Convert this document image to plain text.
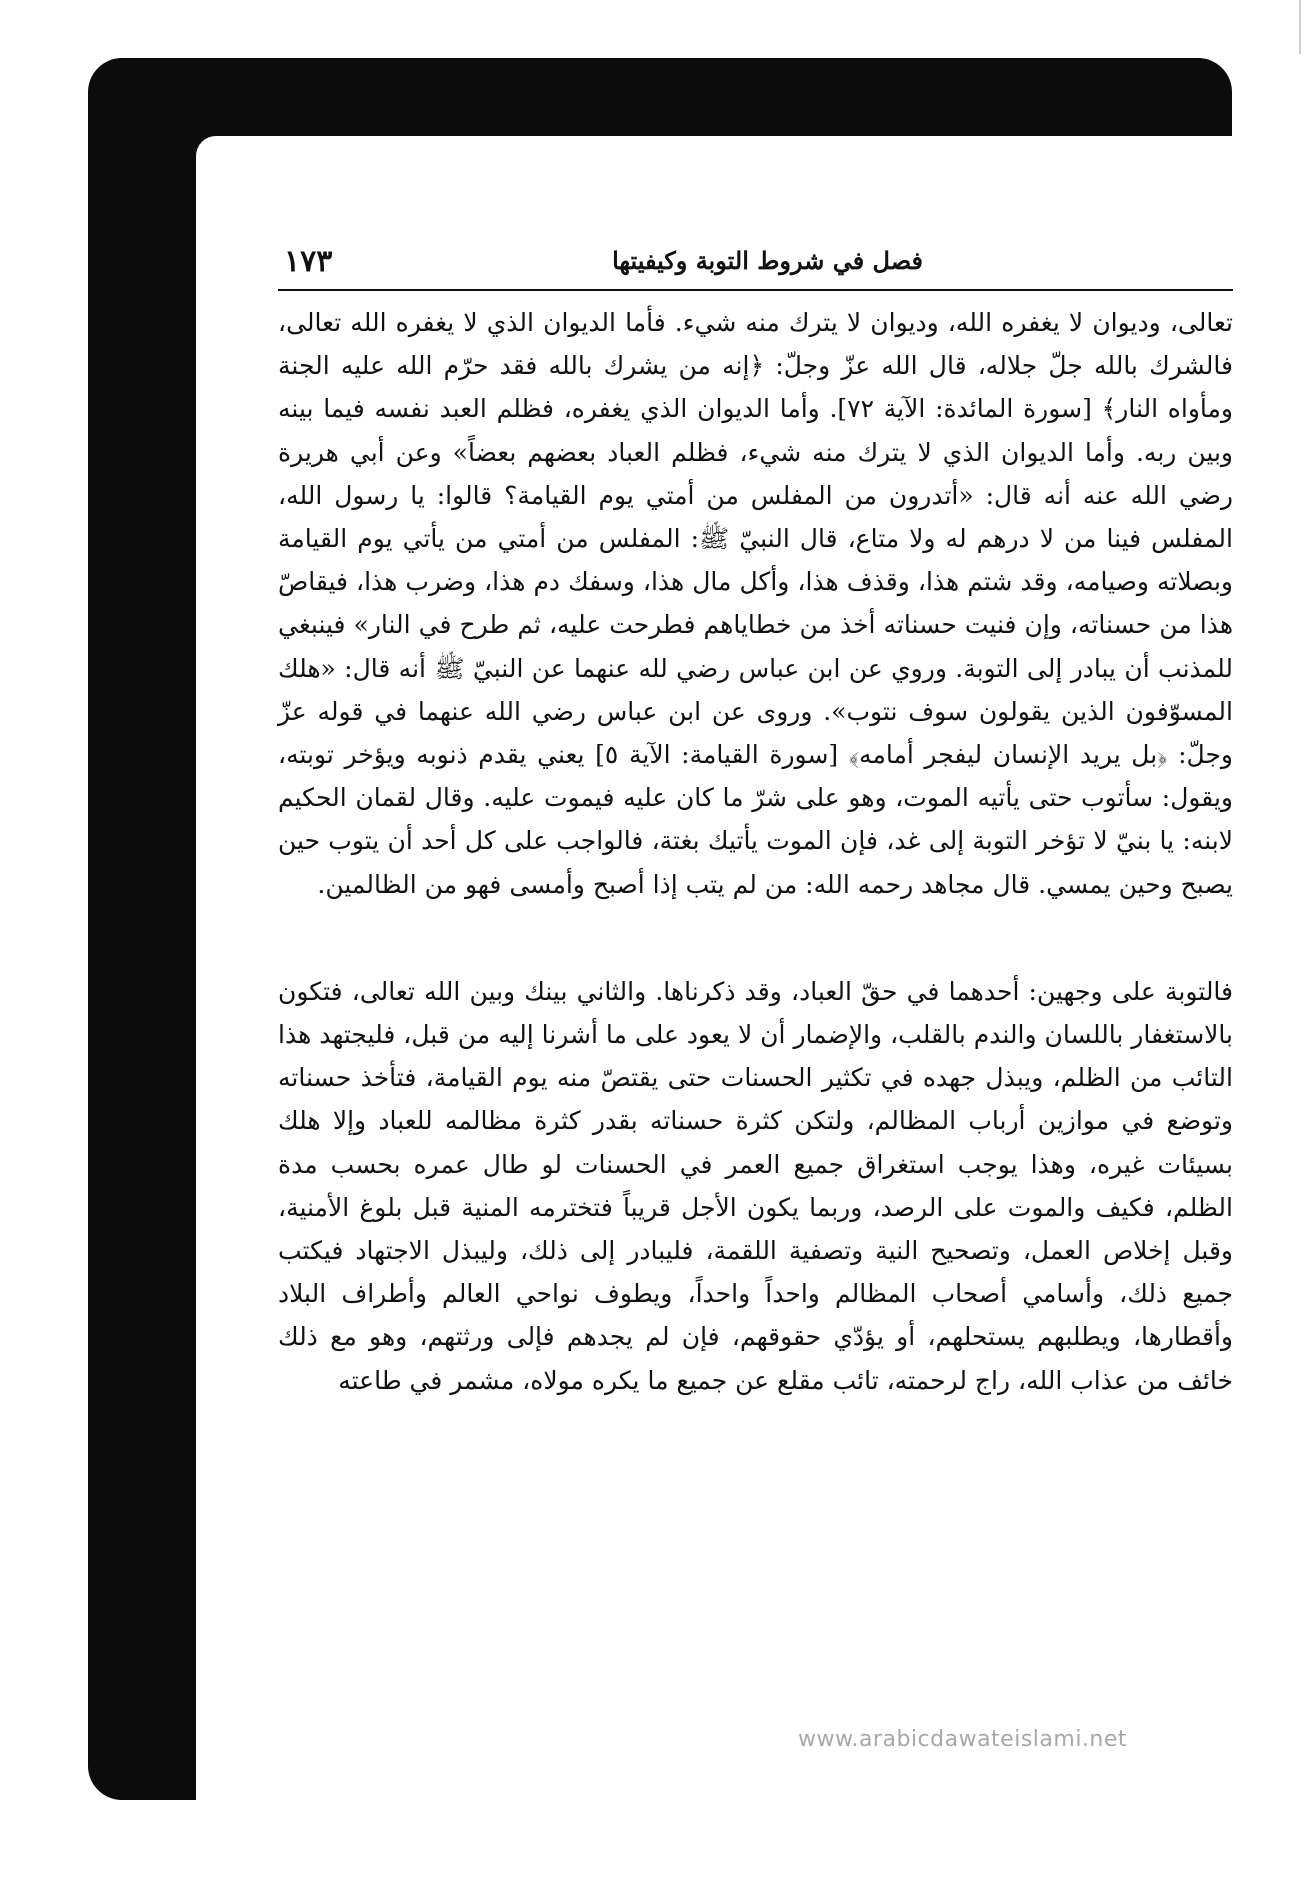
فصل في شروط التوبة وكيفيتها
١٧٣

تعالى، وديوان لا يغفره الله، وديوان لا يترك منه شيء. فأما الديوان الذي لا يغفره الله تعالى، فالشرك بالله جلّ جلاله، قال الله عزّ وجلّ: ﴿إنه من يشرك بالله فقد حرّم الله عليه الجنة ومأواه النار﴾ [سورة المائدة: الآية ٧٢]. وأما الديوان الذي يغفره، فظلم العبد نفسه فيما بينه وبين ربه. وأما الديوان الذي لا يترك منه شيء، فظلم العباد بعضهم بعضاً» وعن أبي هريرة رضي الله عنه أنه قال: «أتدرون من المفلس من أمتي يوم القيامة؟ قالوا: يا رسول الله، المفلس فينا من لا درهم له ولا متاع، قال النبيّ ﷺ: المفلس من أمتي من يأتي يوم القيامة وبصلاته وصيامه، وقد شتم هذا، وقذف هذا، وأكل مال هذا، وسفك دم هذا، وضرب هذا، فيقاصّ هذا من حسناته، وإن فنيت حسناته أخذ من خطاياهم فطرحت عليه، ثم طرح في النار» فينبغي للمذنب أن يبادر إلى التوبة. وروي عن ابن عباس رضي لله عنهما عن النبيّ ﷺ أنه قال: «هلك المسوّفون الذين يقولون سوف نتوب». وروى عن ابن عباس رضي الله عنهما في قوله عزّ وجلّ: ﴿بل يريد الإنسان ليفجر أمامه﴾ [سورة القيامة: الآية ٥] يعني يقدم ذنوبه ويؤخر توبته، ويقول: سأتوب حتى يأتيه الموت، وهو على شرّ ما كان عليه فيموت عليه. وقال لقمان الحكيم لابنه: يا بنيّ لا تؤخر التوبة إلى غد، فإن الموت يأتيك بغتة، فالواجب على كل أحد أن يتوب حين يصبح وحين يمسي. قال مجاهد رحمه الله: من لم يتب إذا أصبح وأمسى فهو من الظالمين.

فالتوبة على وجهين: أحدهما في حقّ العباد، وقد ذكرناها. والثاني بينك وبين الله تعالى، فتكون بالاستغفار باللسان والندم بالقلب، والإضمار أن لا يعود على ما أشرنا إليه من قبل، فليجتهد هذا التائب من الظلم، ويبذل جهده في تكثير الحسنات حتى يقتصّ منه يوم القيامة، فتأخذ حسناته وتوضع في موازين أرباب المظالم، ولتكن كثرة حسناته بقدر كثرة مظالمه للعباد وإلا هلك بسيئات غيره، وهذا يوجب استغراق جميع العمر في الحسنات لو طال عمره بحسب مدة الظلم، فكيف والموت على الرصد، وربما يكون الأجل قريباً فتخترمه المنية قبل بلوغ الأمنية، وقبل إخلاص العمل، وتصحيح النية وتصفية اللقمة، فليبادر إلى ذلك، وليبذل الاجتهاد فيكتب جميع ذلك، وأسامي أصحاب المظالم واحداً واحداً، ويطوف نواحي العالم وأطراف البلاد وأقطارها، ويطلبهم يستحلهم، أو يؤدّي حقوقهم، فإن لم يجدهم فإلى ورثتهم، وهو مع ذلك خائف من عذاب الله، راج لرحمته، تائب مقلع عن جميع ما يكره مولاه، مشمر في طاعته

www.arabicdawateislami.net
